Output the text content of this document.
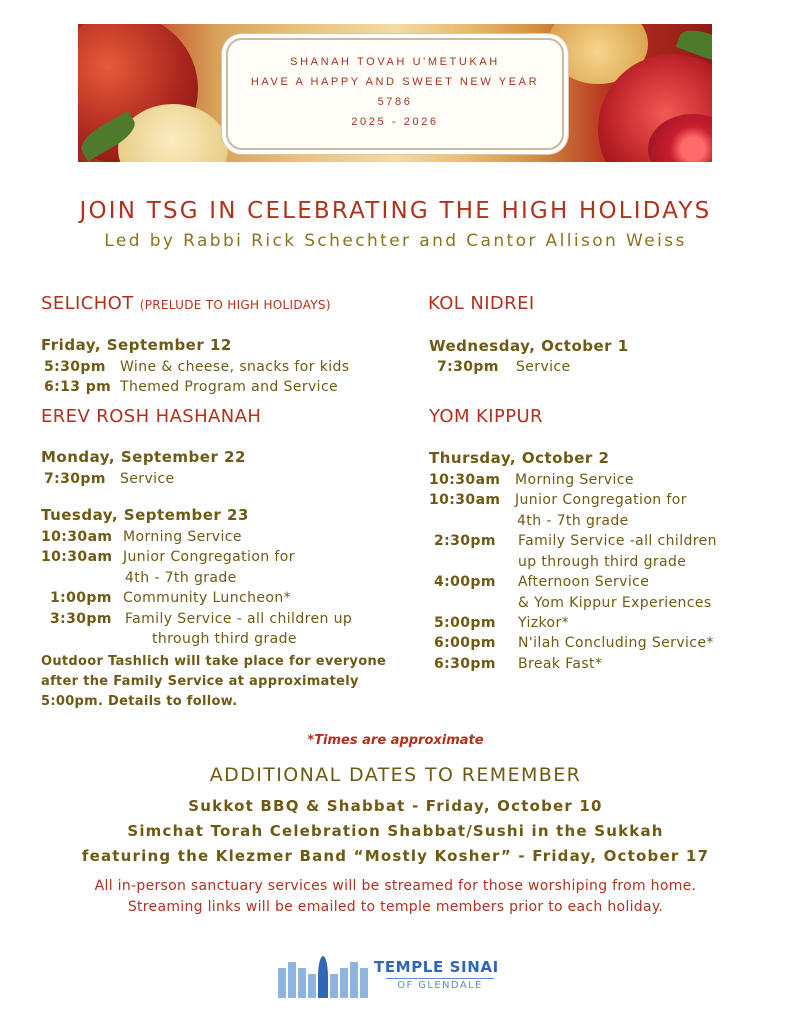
SHANAH TOVAH U'METUKAH
HAVE A HAPPY AND SWEET NEW YEAR
5786
2025 - 2026
JOIN TSG IN CELEBRATING THE HIGH HOLIDAYS
Led by Rabbi Rick Schechter and Cantor Allison Weiss
SELICHOT (PRELUDE TO HIGH HOLIDAYS)
Friday, September 12
5:30pm Wine & cheese, snacks for kids
6:13 pm Themed Program and Service
EREV ROSH HASHANAH
Monday, September 22
7:30pm Service
Tuesday, September 23
10:30am Morning Service
10:30am Junior Congregation for
4th - 7th grade
1:00pm Community Luncheon*
3:30pm Family Service - all children up
through third grade
Outdoor Tashlich will take place for everyone after the Family Service at approximately 5:00pm. Details to follow.
KOL NIDREI
Wednesday, October 1
7:30pm Service
YOM KIPPUR
Thursday, October 2
10:30am Morning Service
10:30am Junior Congregation for
4th - 7th grade
2:30pm Family Service -all children
up through third grade
4:00pm Afternoon Service
& Yom Kippur Experiences
5:00pm Yizkor*
6:00pm N'ilah Concluding Service*
6:30pm Break Fast*
*Times are approximate
ADDITIONAL DATES TO REMEMBER
Sukkot BBQ & Shabbat - Friday, October 10
Simchat Torah Celebration Shabbat/Sushi in the Sukkah
featuring the Klezmer Band “Mostly Kosher” - Friday, October 17
All in-person sanctuary services will be streamed for those worshiping from home.
Streaming links will be emailed to temple members prior to each holiday.
TEMPLE SINAI
OF GLENDALE
